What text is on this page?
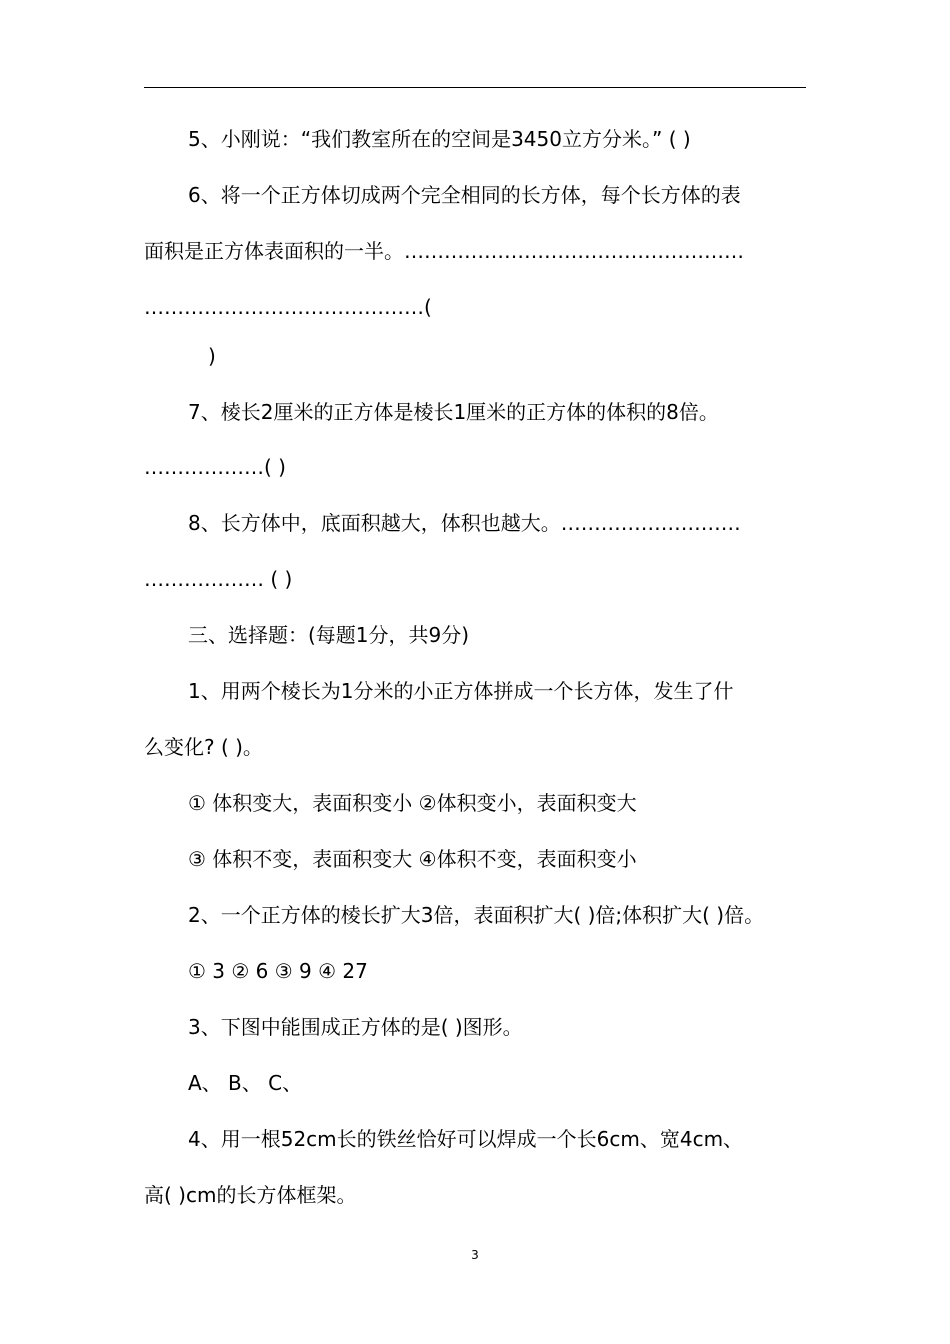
5、小刚说：“我们教室所在的空间是3450立方分米。” ( )
6、将一个正方体切成两个完全相同的长方体，每个长方体的表
面积是正方体表面积的一半。……………………………………………
……………………………………(
)
7、棱长2厘米的正方体是棱长1厘米的正方体的体积的8倍。
………………( )
8、长方体中，底面积越大，体积也越大。………………………
……………… ( )
三、选择题：(每题1分，共9分)
1、用两个棱长为1分米的小正方体拼成一个长方体，发生了什
么变化? ( )。
① 体积变大，表面积变小 ②体积变小，表面积变大
③ 体积不变，表面积变大 ④体积不变，表面积变小
2、一个正方体的棱长扩大3倍，表面积扩大( )倍;体积扩大( )倍。
① 3 ② 6 ③ 9 ④ 27
3、下图中能围成正方体的是( )图形。
A、 B、 C、
4、用一根52cm长的铁丝恰好可以焊成一个长6cm、宽4cm、
高( )cm的长方体框架。
3
